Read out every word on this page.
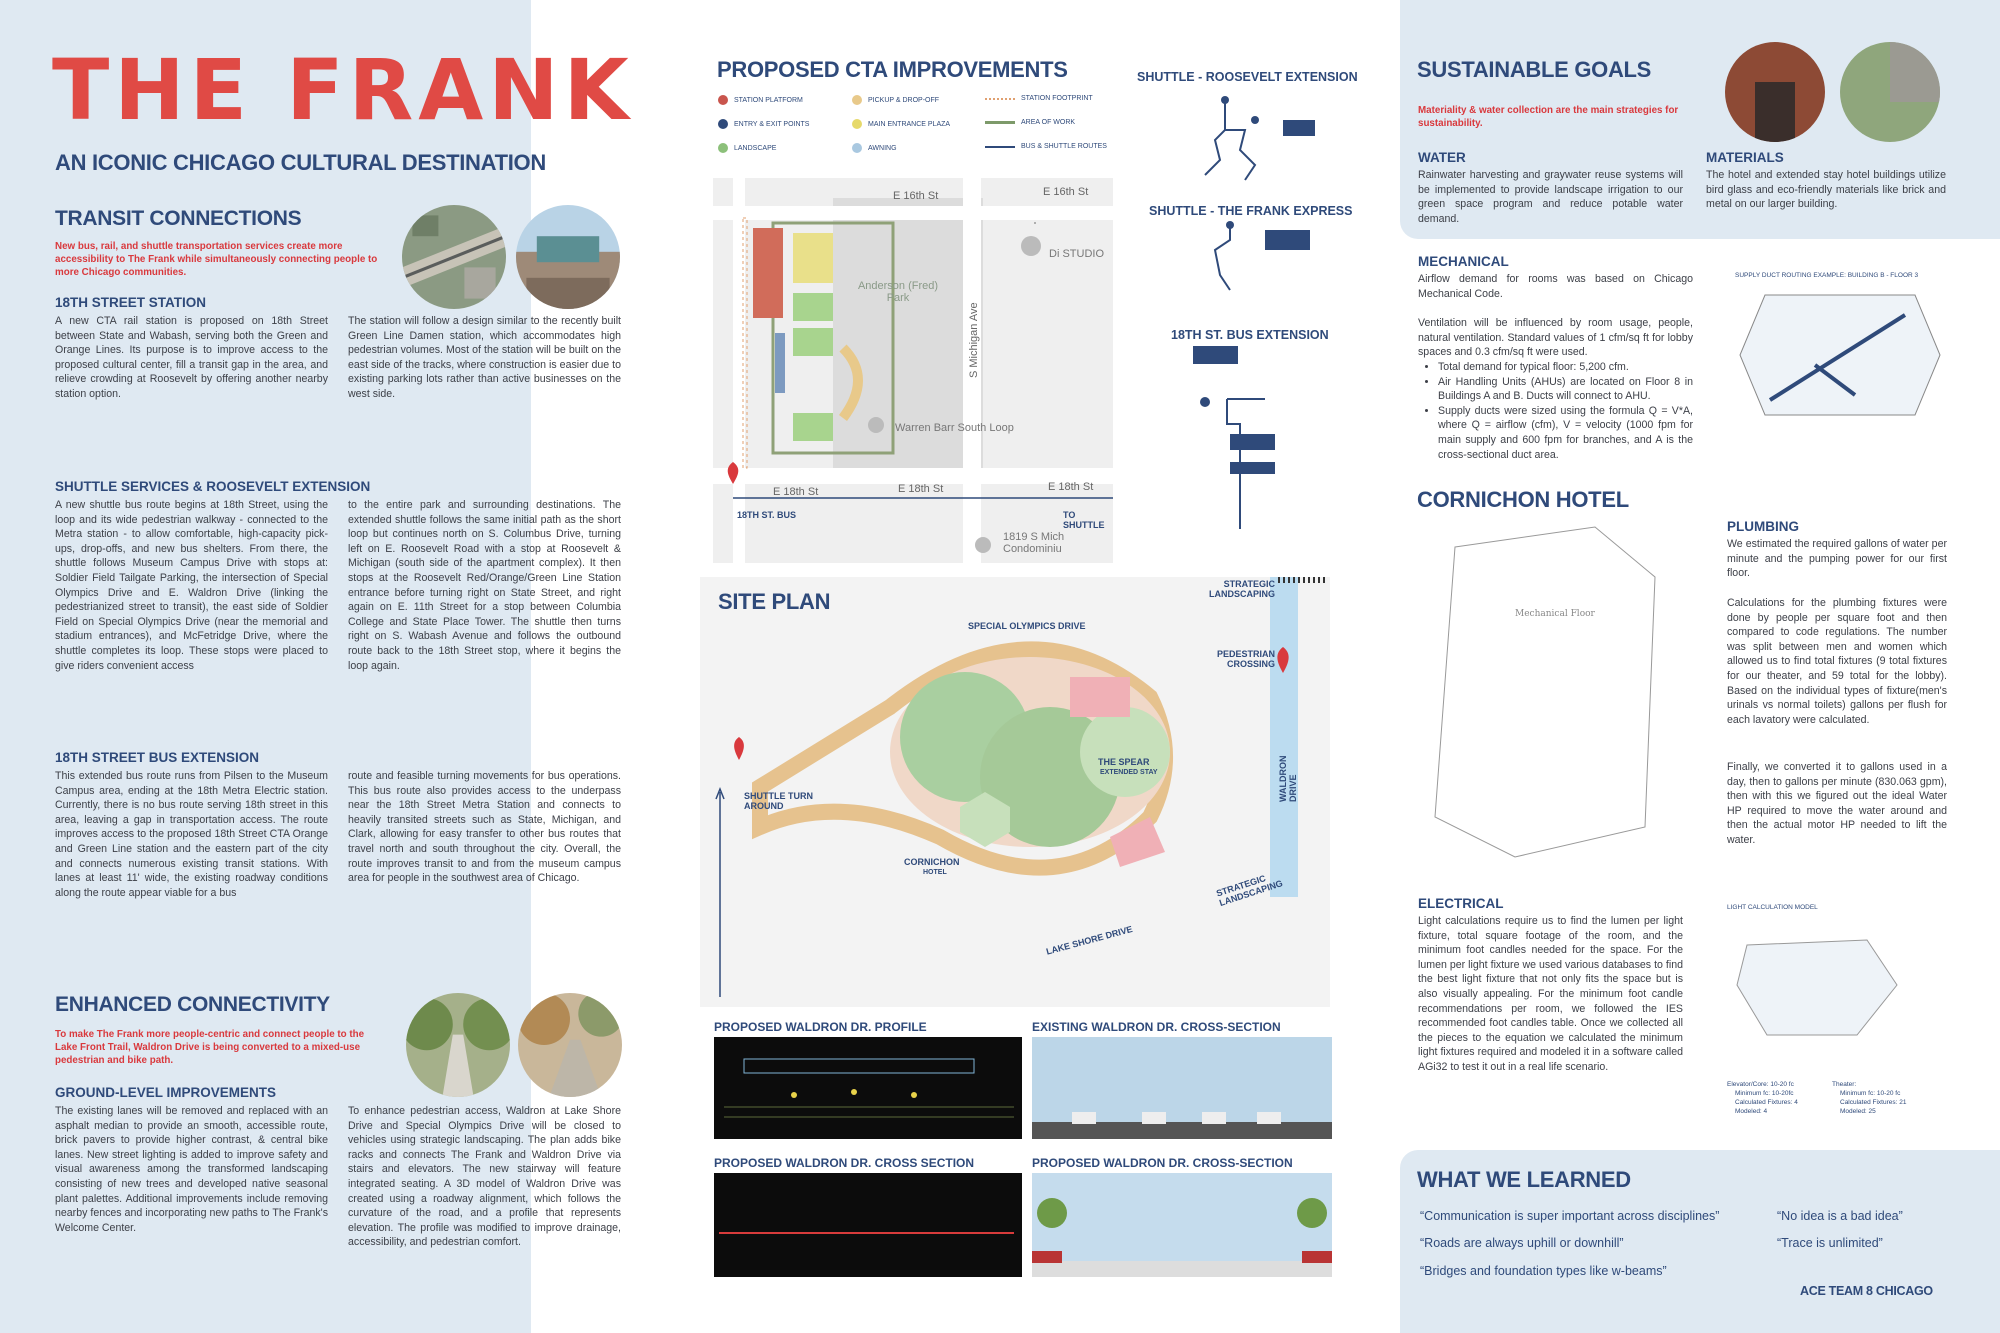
THE FRANK
AN ICONIC CHICAGO CULTURAL DESTINATION
TRANSIT CONNECTIONS
New bus, rail, and shuttle transportation services create more accessibility to The Frank while simultaneously connecting people to more Chicago communities.
18TH STREET STATION
A new CTA rail station is proposed on 18th Street between State and Wabash, serving both the Green and Orange Lines. Its purpose is to improve access to the proposed cultural center, fill a transit gap in the area, and relieve crowding at Roosevelt by offering another nearby station option.
The station will follow a design similar to the recently built Green Line Damen station, which accommodates high pedestrian volumes. Most of the station will be built on the east side of the tracks, where construction is easier due to existing parking lots rather than active businesses on the west side.
SHUTTLE SERVICES & ROOSEVELT EXTENSION
A new shuttle bus route begins at 18th Street, using the loop and its wide pedestrian walkway - connected to the Metra station - to allow comfortable, high-capacity pick-ups, drop-offs, and new bus shelters. From there, the shuttle follows Museum Campus Drive with stops at: Soldier Field Tailgate Parking, the intersection of Special Olympics Drive and E. Waldron Drive (linking the pedestrianized street to transit), the east side of Soldier Field on Special Olympics Drive (near the memorial and stadium entrances), and McFetridge Drive, where the shuttle completes its loop. These stops were placed to give riders convenient access
to the entire park and surrounding destinations. The extended shuttle follows the same initial path as the short loop but continues north on S. Columbus Drive, turning left on E. Roosevelt Road with a stop at Roosevelt & Michigan (south side of the apartment complex). It then stops at the Roosevelt Red/Orange/Green Line Station entrance before turning right on State Street, and right again on E. 11th Street for a stop between Columbia College and State Place Tower. The shuttle then turns right on S. Wabash Avenue and follows the outbound route back to the 18th Street stop, where it begins the loop again.
18TH STREET BUS EXTENSION
This extended bus route runs from Pilsen to the Museum Campus area, ending at the 18th Metra Electric station. Currently, there is no bus route serving 18th street in this area, leaving a gap in transportation access. The route improves access to the proposed 18th Street CTA Orange and Green Line station and the eastern part of the city and connects numerous existing transit stations. With lanes at least 11' wide, the existing roadway conditions along the route appear viable for a bus
route and feasible turning movements for bus operations. This bus route also provides access to the underpass near the 18th Street Metra Station and connects to heavily transited streets such as State, Michigan, and Clark, allowing for easy transfer to other bus routes that travel north and south throughout the city. Overall, the route improves transit to and from the museum campus area for people in the southwest area of Chicago.
ENHANCED CONNECTIVITY
To make The Frank more people-centric and connect people to the Lake Front Trail, Waldron Drive is being converted to a mixed-use pedestrian and bike path.
GROUND-LEVEL IMPROVEMENTS
The existing lanes will be removed and replaced with an asphalt median to provide an smooth, accessible route, brick pavers to provide higher contrast, & central bike lanes. New street lighting is added to improve safety and visual awareness among the transformed landscaping consisting of new trees and developed native seasonal plant palettes. Additional improvements include removing nearby fences and incorporating new paths to The Frank's Welcome Center.
To enhance pedestrian access, Waldron at Lake Shore Drive and Special Olympics Drive will be closed to vehicles using strategic landscaping. The plan adds bike racks and connects The Frank and Waldron Drive via stairs and elevators. The new stairway will feature integrated seating. A 3D model of Waldron Drive was created using a roadway alignment, which follows the curvature of the road, and a profile that represents elevation. The profile was modified to improve drainage, accessibility, and pedestrian comfort.
PROPOSED CTA IMPROVEMENTS
STATION PLATFORM	PICKUP & DROP-OFF	STATION FOOTPRINT
ENTRY & EXIT POINTS	MAIN ENTRANCE PLAZA	AREA OF WORK
LANDSCAPE	AWNING	BUS & SHUTTLE ROUTES
E 16th St	E 16th St
Di STUDIO
Anderson (Fred) Park
S Michigan Ave
Warren Barr South Loop
E 18th St	E 18th St	E 18th St
18TH ST. BUS	TO SHUTTLE
1819 S Mich Condominiu
SHUTTLE - ROOSEVELT EXTENSION
SHUTTLE - THE FRANK EXPRESS
18TH ST. BUS EXTENSION
SITE PLAN
SPECIAL OLYMPICS DRIVE
STRATEGIC LANDSCAPING
PEDESTRIAN CROSSING
SHUTTLE TURN AROUND
THE SPEAR
EXTENDED STAY	WALDRON DRIVE
CORNICHON
HOTEL
STRATEGIC LANDSCAPING
LAKE SHORE DRIVE
PROPOSED WALDRON DR. PROFILE	EXISTING WALDRON DR. CROSS-SECTION
PROPOSED WALDRON DR. CROSS SECTION	PROPOSED WALDRON DR. CROSS-SECTION
SUSTAINABLE GOALS
Materiality & water collection are the main strategies for sustainability.
WATER
Rainwater harvesting and graywater reuse systems will be implemented to provide landscape irrigation to our green space program and reduce potable water demand.
MATERIALS
The hotel and extended stay hotel buildings utilize bird glass and eco-friendly materials like brick and metal on our larger building.
MECHANICAL
Airflow demand for rooms was based on Chicago Mechanical Code.
Ventilation will be influenced by room usage, people, natural ventilation. Standard values of 1 cfm/sq ft for lobby spaces and 0.3 cfm/sq ft were used.
• Total demand for typical floor: 5,200 cfm.
• Air Handling Units (AHUs) are located on Floor 8 in Buildings A and B. Ducts will connect to AHU.
• Supply ducts were sized using the formula Q = V*A, where Q = airflow (cfm), V = velocity (1000 fpm for main supply and 600 fpm for branches, and A is the cross-sectional duct area.
SUPPLY DUCT ROUTING EXAMPLE: BUILDING B - FLOOR 3
CORNICHON HOTEL
Mechanical Floor
PLUMBING
We estimated the required gallons of water per minute and the pumping power for our first floor.
Calculations for the plumbing fixtures were done by people per square foot and then compared to code regulations. The number was split between men and women which allowed us to find total fixtures (9 total fixtures for our theater, and 59 total for the lobby). Based on the individual types of fixture(men's urinals vs normal toilets) gallons per flush for each lavatory were calculated.
Finally, we converted it to gallons used in a day, then to gallons per minute (830.063 gpm), then with this we figured out the ideal Water HP required to move the water around and then the actual motor HP needed to lift the water.
ELECTRICAL
Light calculations require us to find the lumen per light fixture, total square footage of the room, and the minimum foot candles needed for the space. For the lumen per light fixture we used various databases to find the best light fixture that not only fits the space but is also visually appealing. For the minimum foot candle recommendations per room, we followed the IES recommended foot candles table. Once we collected all the pieces to the equation we calculated the minimum light fixtures required and modeled it in a software called AGi32 to test it out in a real life scenario.
LIGHT CALCULATION MODEL
Elevator/Core: 10-20 fc
Minimum fc: 10-20fc
Calculated Fixtures: 4
Modeled: 4
Theater:
Minimum fc: 10-20 fc
Calculated Fixtures: 21
Modeled: 25
WHAT WE LEARNED
“Communication is super important across disciplines”
“Roads are always uphill or downhill”
“Bridges and foundation types like w-beams”
“No idea is a bad idea”
“Trace is unlimited”
ACE TEAM 8 CHICAGO
